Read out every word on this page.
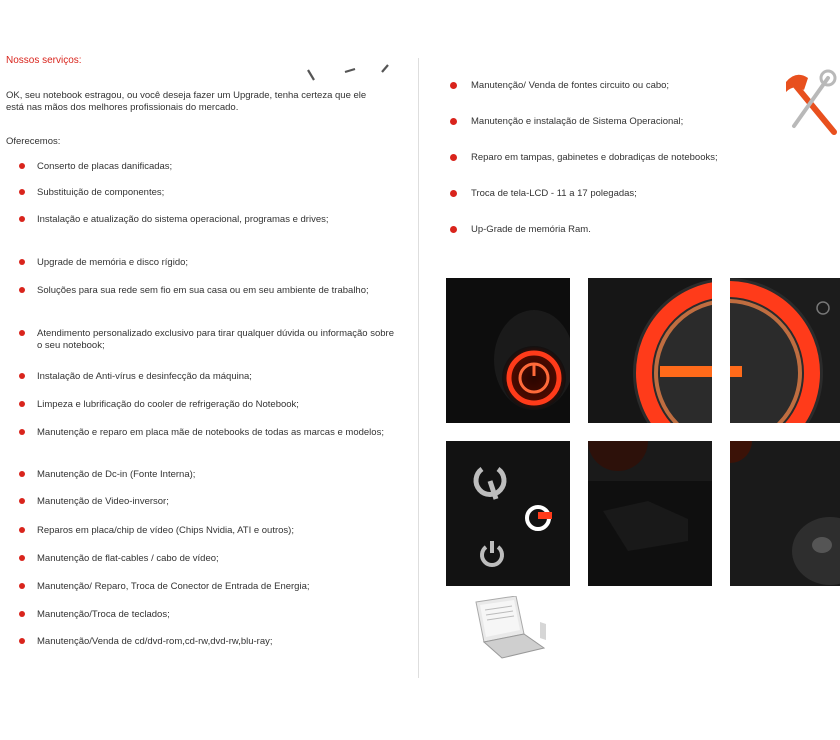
Nossos serviços:
OK, seu notebook estragou, ou você deseja fazer um Upgrade, tenha certeza que ele está nas mãos dos melhores profissionais do mercado.
Oferecemos:
Conserto de placas danificadas;
Substituição de componentes;
Instalação e atualização do sistema operacional, programas e drives;
Upgrade de memória e disco rígido;
Soluções para sua rede sem fio em sua casa ou em seu ambiente de trabalho;
Atendimento personalizado exclusivo para tirar qualquer dúvida ou informação sobre o seu notebook;
Instalação de Anti-vírus e desinfecção da máquina;
Limpeza e lubrificação do cooler de refrigeração do Notebook;
Manutenção e reparo em placa mãe de notebooks de todas as marcas e modelos;
Manutenção de Dc-in (Fonte Interna);
Manutenção de Video-inversor;
Reparos em placa/chip de vídeo (Chips Nvidia, ATI e outros);
Manutenção de flat-cables / cabo de vídeo;
Manutenção/ Reparo, Troca de Conector de Entrada de Energia;
Manutenção/Troca de teclados;
Manutenção/Venda de cd/dvd-rom,cd-rw,dvd-rw,blu-ray;
Manutenção/ Venda de fontes circuito ou cabo;
Manutenção e instalação de Sistema Operacional;
Reparo em tampas, gabinetes e dobradiças de notebooks;
Troca de tela-LCD - 11 a 17 polegadas;
Up-Grade de memória Ram.
